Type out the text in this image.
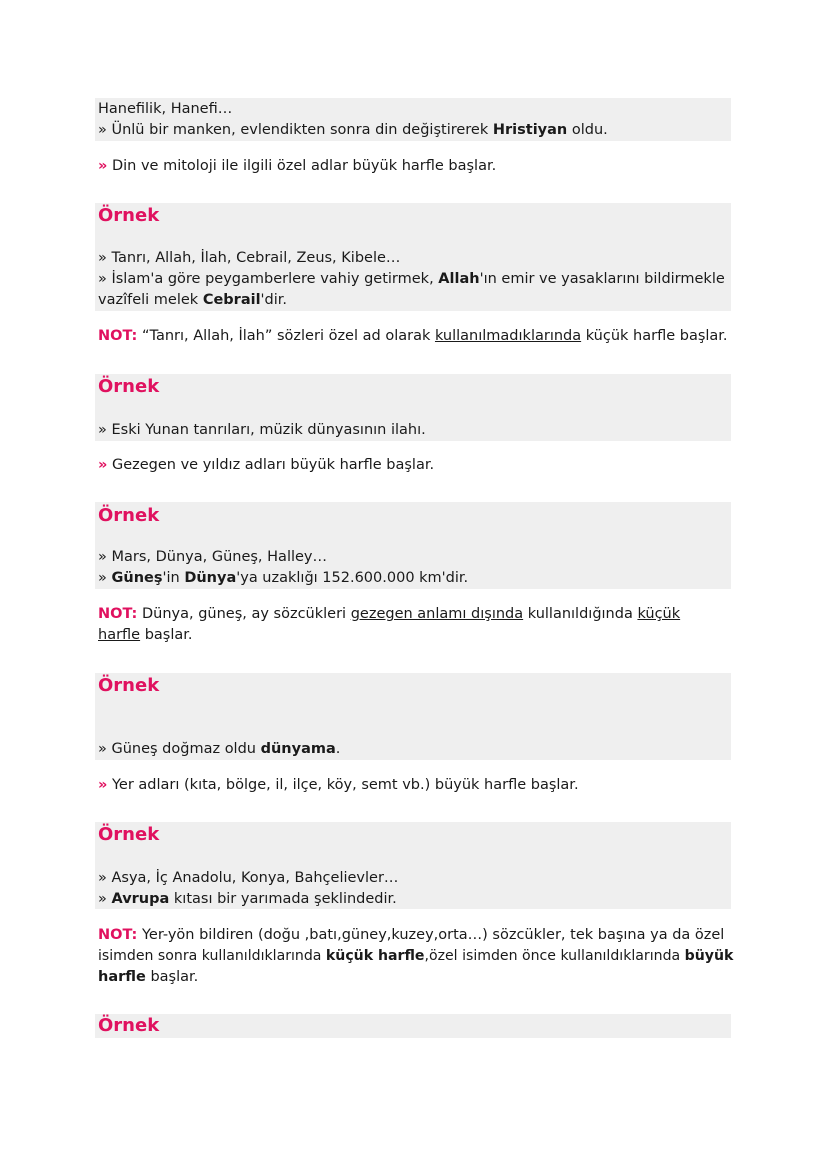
Hanefilik, Hanefi…
» Ünlü bir manken, evlendikten sonra din değiştirerek Hristiyan oldu.
» Din ve mitoloji ile ilgili özel adlar büyük harfle başlar.
Örnek
» Tanrı, Allah, İlah, Cebrail, Zeus, Kibele…
» İslam'a göre peygamberlere vahiy getirmek, Allah'ın emir ve yasaklarını bildirmekle
vazîfeli melek Cebrail'dir.
NOT: “Tanrı, Allah, İlah” sözleri özel ad olarak kullanılmadıklarında küçük harfle başlar.
Örnek
» Eski Yunan tanrıları, müzik dünyasının ilahı.
» Gezegen ve yıldız adları büyük harfle başlar.
Örnek
» Mars, Dünya, Güneş, Halley…
» Güneş'in Dünya'ya uzaklığı 152.600.000 km'dir.
NOT: Dünya, güneş, ay sözcükleri gezegen anlamı dışında kullanıldığında küçük
harfle başlar.
Örnek
» Güneş doğmaz oldu dünyama.
» Yer adları (kıta, bölge, il, ilçe, köy, semt vb.) büyük harfle başlar.
Örnek
» Asya, İç Anadolu, Konya, Bahçelievler…
» Avrupa kıtası bir yarımada şeklindedir.
NOT: Yer-yön bildiren (doğu ,batı,güney,kuzey,orta…) sözcükler, tek başına ya da özel
isimden sonra kullanıldıklarında küçük harfle,özel isimden önce kullanıldıklarında büyük
harfle başlar.
Örnek
